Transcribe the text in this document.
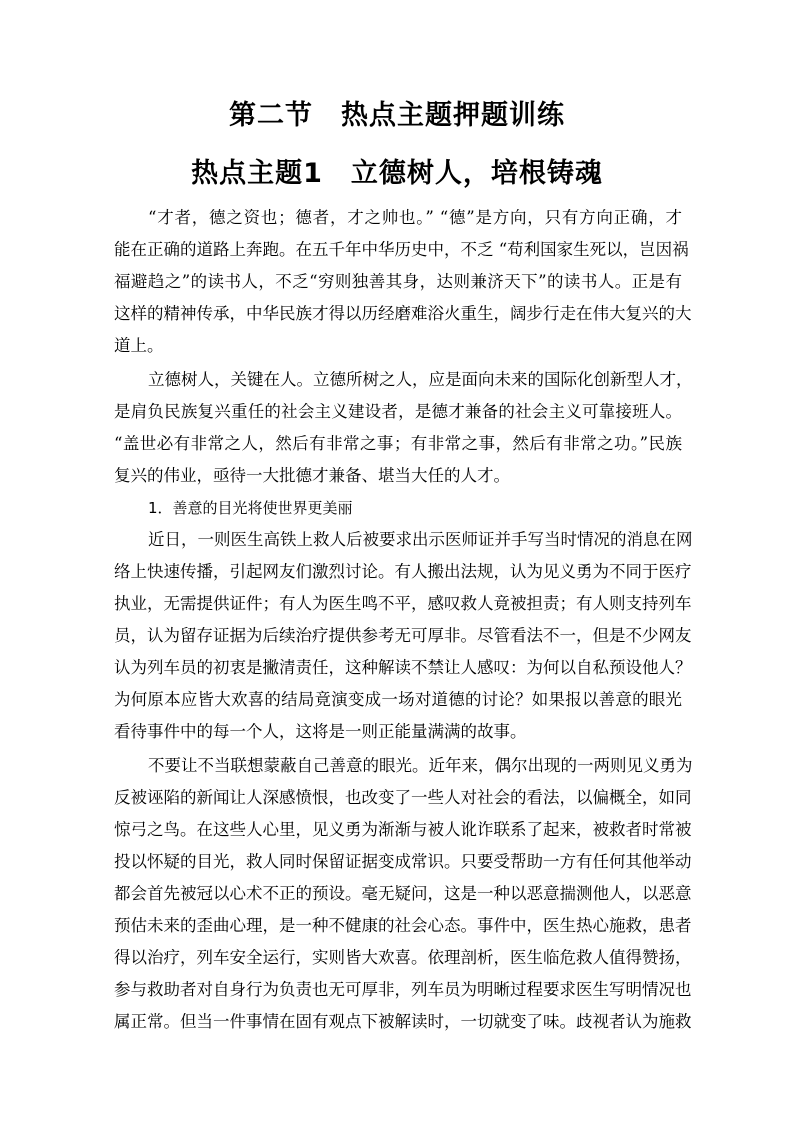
第二节　热点主题押题训练
热点主题1　立德树人，培根铸魂
“才者，德之资也；德者，才之帅也。” “德”是方向，只有方向正确，才
能在正确的道路上奔跑。在五千年中华历史中，不乏 “苟利国家生死以，岂因祸
福避趋之”的读书人，不乏“穷则独善其身，达则兼济天下”的读书人。正是有
这样的精神传承，中华民族才得以历经磨难浴火重生，阔步行走在伟大复兴的大
道上。
立德树人，关键在人。立德所树之人，应是面向未来的国际化创新型人才，
是肩负民族复兴重任的社会主义建设者，是德才兼备的社会主义可靠接班人。
“盖世必有非常之人，然后有非常之事；有非常之事，然后有非常之功。”民族
复兴的伟业，亟待一大批德才兼备、堪当大任的人才。
1．善意的目光将使世界更美丽
近日，一则医生高铁上救人后被要求出示医师证并手写当时情况的消息在网
络上快速传播，引起网友们激烈讨论。有人搬出法规，认为见义勇为不同于医疗
执业，无需提供证件；有人为医生鸣不平，感叹救人竟被担责；有人则支持列车
员，认为留存证据为后续治疗提供参考无可厚非。尽管看法不一，但是不少网友
认为列车员的初衷是撇清责任，这种解读不禁让人感叹：为何以自私预设他人？
为何原本应皆大欢喜的结局竟演变成一场对道德的讨论？如果报以善意的眼光
看待事件中的每一个人，这将是一则正能量满满的故事。
不要让不当联想蒙蔽自己善意的眼光。近年来，偶尔出现的一两则见义勇为
反被诬陷的新闻让人深感愤恨，也改变了一些人对社会的看法，以偏概全，如同
惊弓之鸟。在这些人心里，见义勇为渐渐与被人讹诈联系了起来，被救者时常被
投以怀疑的目光，救人同时保留证据变成常识。只要受帮助一方有任何其他举动
都会首先被冠以心术不正的预设。毫无疑问，这是一种以恶意揣测他人，以恶意
预估未来的歪曲心理，是一种不健康的社会心态。事件中，医生热心施救，患者
得以治疗，列车安全运行，实则皆大欢喜。依理剖析，医生临危救人值得赞扬，
参与救助者对自身行为负责也无可厚非，列车员为明晰过程要求医生写明情况也
属正常。但当一件事情在固有观点下被解读时，一切就变了味。歧视者认为施救
